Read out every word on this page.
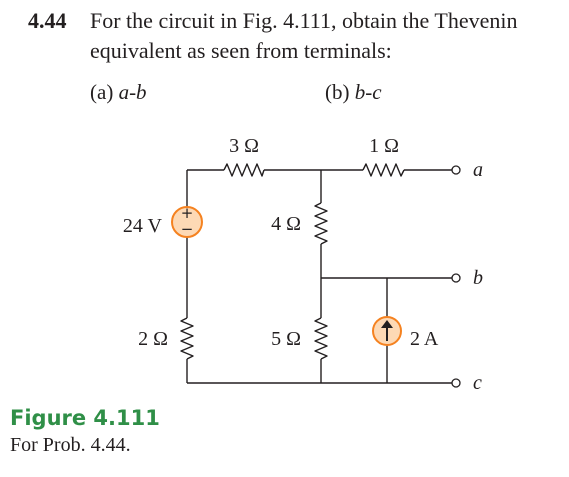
4.44 For the circuit in Fig. 4.111, obtain the Thevenin
equivalent as seen from terminals:
(a) a-b	(b) b-c
+
−
3 Ω	1 Ω
24 V	4 Ω
2 Ω	5 Ω	2 A
a
b
c
Figure 4.111
For Prob. 4.44.
